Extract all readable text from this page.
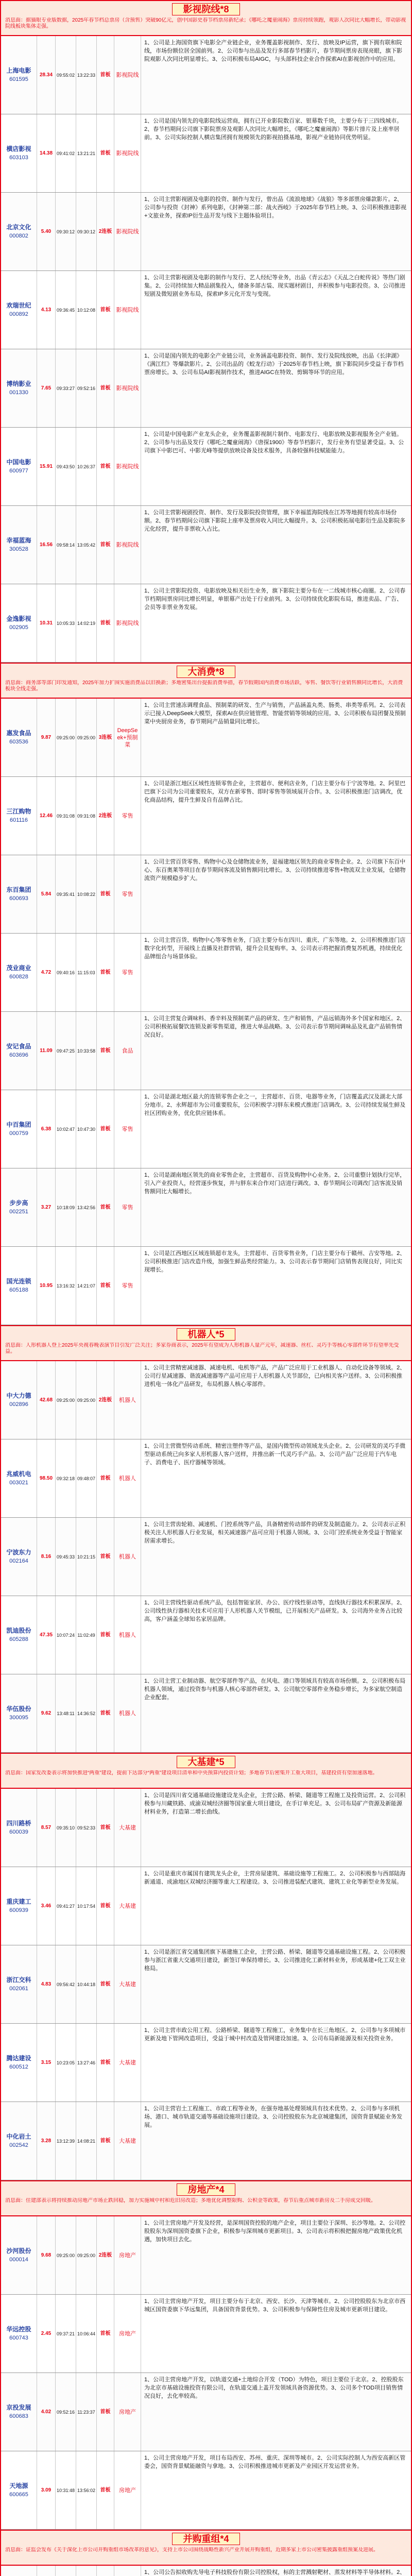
影视院线*8
消息面：据猫眼专业版数据，2025年春节档总票房（含预售）突破90亿元，创中国影史春节档票房新纪录；《哪吒之魔童闹海》票房持续领跑，观影人次同比大幅增长，带动影视院线板块集体走强。
上海电影
601595
28.34 09:55:02 13:22:33 首板 影视院线
1、公司是上海国资旗下电影全产业链企业，业务覆盖影视制作、发行、放映及IP运营，旗下拥有联和院线，市场份额位居全国前列。2、公司参与出品及发行多部春节档影片，春节期间票房表现亮眼，旗下影院观影人次同比明显增长。3、公司积极布局AIGC，与头部科技企业合作探索AI在影视创作中的应用。
横店影视
603103
14.38 09:41:02 13:21:21 首板 影视院线
1、公司是国内领先的电影院线运营商，拥有已开业影院数百家、银幕数千块，主要分布于三四线城市。2、春节档期间公司旗下影院票房及观影人次同比大幅增长，《哪吒之魔童闹海》等影片排片及上座率居前。3、公司实际控制人横店集团拥有规模领先的影视拍摄基地，影视产业链协同优势明显。
北京文化
000802
5.40 09:30:12 09:30:12 2连板 影视院线
1、公司主营影视剧及电影的投资、制作与发行，曾出品《流浪地球》《战狼》等多部票房爆款影片。2、公司参与投资《封神》系列电影，《封神第二部：战火西岐》于2025年春节档上映。3、公司积极推进影视+文旅业务，探索IP衍生品开发与线下主题体验项目。
欢瑞世纪
000892
4.13 09:36:45 10:12:08 首板 影视院线
1、公司主营影视剧及电影的制作与发行、艺人经纪等业务，出品《青云志》《天乩之白蛇传说》等热门剧集。2、公司持续加大精品剧集投入，储备多部古装、现实题材剧目，并积极参与电影投资。3、公司推进短剧及微短剧业务布局，探索IP多元化开发与变现。
博纳影业
001330
7.65 09:33:27 09:52:16 首板 影视院线
1、公司是国内领先的电影全产业链公司，业务涵盖电影投资、制作、发行及院线放映，出品《长津湖》《满江红》等爆款影片。2、公司出品的《蛟龙行动》于2025年春节档上映，旗下影院同步受益于春节档票房增长。3、公司布局AI影视制作技术，推进AIGC在特效、剪辑等环节的应用。
中国电影
600977
15.91 09:43:50 10:26:37 首板 影视院线
1、公司是中国电影产业龙头企业，业务覆盖影视制片制作、电影发行、电影放映及影视服务全产业链。2、公司参与出品及发行《哪吒之魔童闹海》《唐探1900》等春节档影片，发行业务有望显著受益。3、公司旗下中影巴可、中影光峰等提供放映设备及技术服务，具备较强科技赋能能力。
幸福蓝海
300528
16.56 09:58:14 13:05:42 首板 影视院线
1、公司主营影视剧投资、制作、发行及影院投资管理，旗下幸福蓝海院线在江苏等地拥有较高市场份额。2、春节档期间公司旗下影院上座率及票房收入同比大幅提升。3、公司积极拓展电影衍生品及影院多元化经营，提升非票收入占比。
金逸影视
002905
10.31 10:05:33 14:02:19 首板 影视院线
1、公司主营影院投资、电影放映及相关衍生业务，旗下影院主要分布在一二线城市核心商圈。2、公司春节档期间票房同比增长明显，单银幕产出处于行业前列。3、公司持续优化影院布局，推进卖品、广告、会员等非票业务发展。
大消费*8
消息面：商务部等部门印发通知，2025年加力扩围实施消费品以旧换新；多地密集出台提振消费举措，春节假期国内消费市场活跃，零售、餐饮等行业销售额同比增长，大消费板块全线走强。
惠发食品
603536
9.87 09:25:00 09:25:00 3连板
DeepSeek+预制菜
1、公司主营速冻调理食品、预制菜的研发、生产与销售，产品涵盖丸类、肠类、串类等系列。2、公司表示已接入DeepSeek大模型，探索AI在供应链管理、智能营销等领域的应用。3、公司积极布局团餐及预制菜中央厨房业务，春节期间产品销量同比增长。
三江购物
601116
12.46 09:31:08 09:31:08 2连板 零售
1、公司是浙江地区区域性连锁零售企业，主营超市、便利店业务，门店主要分布于宁波等地。2、阿里巴巴旗下公司为公司重要股东，双方在新零售、即时零售等领域展开合作。3、公司积极推进门店调改，优化商品结构，提升生鲜及自有品牌占比。
东百集团
600693
5.84 09:35:41 10:08:22 首板 零售
1、公司主营百货零售、购物中心及仓储物流业务，是福建地区领先的商业零售企业。2、公司旗下东百中心、东百奥莱等项目在春节期间客流及销售额同比增长。3、公司持续推进零售+物流双主业发展，仓储物流资产规模稳步扩大。
茂业商业
600828
4.72 09:40:16 11:15:03 首板 零售
1、公司主营百货、购物中心等零售业务，门店主要分布在四川、重庆、广东等地。2、公司积极推进门店数字化转型，开展线上直播及社群营销，提升会员复购率。3、公司表示将把握消费复苏机遇，持续优化品牌组合与场景体验。
安记食品
603696
11.09 09:47:25 10:33:58 首板 食品
1、公司主营复合调味料、香辛料及预制菜产品的研发、生产和销售，产品远销海外多个国家和地区。2、公司积极拓展餐饮连锁及新零售渠道，推进大单品战略。3、公司表示春节期间调味品及礼盒产品销售情况良好。
中百集团
000759
6.38 10:02:47 10:47:30 首板 零售
1、公司是湖北地区最大的连锁零售企业之一，主营超市、百货、电器等业务，门店覆盖武汉及湖北大部分地市。2、永辉超市为公司重要股东，公司积极学习胖东来模式推进门店调改。3、公司持续发展生鲜及社区团购业务，优化供应链体系。
步步高
002251
3.27 10:18:09 13:42:56 首板 零售
1、公司是湖南地区领先的商业零售企业，主营超市、百货及购物中心业务。2、公司重整计划执行完毕，引入产业投资人，经营逐步恢复，并与胖东来合作对门店进行调改。3、春节期间公司调改门店客流及销售额同比大幅增长。
国光连锁
605188
10.95 13:16:32 14:21:07 首板 零售
1、公司是江西地区区域连锁超市龙头，主营超市、百货零售业务，门店主要分布于赣州、吉安等地。2、公司积极推进门店改造升级，加强生鲜品类经营能力。3、公司表示春节期间门店销售表现良好，同比实现增长。
机器人*5
消息面：人形机器人登上2025年央视春晚表演节目引发广泛关注；多家券商表示，2025年有望成为人形机器人量产元年，减速器、丝杠、灵巧手等核心零部件环节有望率先受益。
中大力德
002896
42.68 09:25:00 09:25:00 2连板 机器人
1、公司主营精密减速器、减速电机、电机等产品，产品广泛应用于工业机器人、自动化设备等领域。2、公司行星减速器、谐波减速器等产品可应用于人形机器人关节部位，已向相关客户送样。3、公司积极推进机电一体化产品研发，布局机器人核心零部件。
兆威机电
003021
98.50 09:32:18 09:48:07 首板 机器人
1、公司主营微型传动系统、精密注塑件等产品，是国内微型传动领域龙头企业。2、公司研发的灵巧手微型驱动系统已向多家人形机器人客户送样，并推出新一代灵巧手产品。3、公司产品广泛应用于汽车电子、消费电子、医疗器械等领域。
宁波东力
002164
8.16 09:45:33 10:21:15 首板 机器人
1、公司主营齿轮箱、减速机、门控系统等产品，具备精密传动部件的研发及制造能力。2、公司表示正积极关注人形机器人行业发展，相关减速器产品可应用于机器人领域。3、公司门控系统业务受益于智能家居需求增长。
凯迪股份
605288
47.35 10:07:24 11:02:49 首板 机器人
1、公司主营线性驱动系统产品，包括智能家居、办公、医疗线性驱动等，直线执行器技术积累深厚。2、公司线性执行器相关技术可应用于人形机器人关节模组，已开展相关产品研发。3、公司海外业务占比较高，客户涵盖全球知名家居品牌。
华伍股份
300095
9.62 13:48:11 14:36:52 首板 机器人
1、公司主营工业制动器、航空零部件等产品，在风电、港口等领域具有较高市场份额。2、公司积极布局机器人领域，通过投资参与机器人核心零部件研发。3、公司航空零部件业务稳步增长，为多家航空制造企业配套。
大基建*5
消息面：国家发改委表示将加快推进“两重”建设，提前下达部分“两重”建设项目清单和中央预算内投资计划；多地春节后密集开工重大项目，基建投资有望加速落地。
四川路桥
600039
8.57 09:35:10 09:52:33 首板 大基建
1、公司是四川省交通基础设施建设龙头企业，主营公路、桥梁、隧道等工程施工及投资运营。2、公司积极参与川藏铁路、成渝双城经济圈等国家重大项目建设，在手订单充足。3、公司布局矿产资源及新能源材料业务，打造第二增长曲线。
重庆建工
600939
3.46 09:41:27 10:17:54 首板 大基建
1、公司是重庆市属国有建筑龙头企业，主营房屋建筑、基础设施等工程施工。2、公司积极参与西部陆海新通道、成渝地区双城经济圈等重大工程建设。3、公司推进装配式建筑、建筑工业化等新型业务发展。
浙江交科
002061
4.83 09:56:42 10:44:18 首板 大基建
1、公司是浙江省交通集团旗下基建施工企业，主营公路、桥梁、隧道等交通基础设施工程。2、公司积极参与浙江省重大交通项目建设，新签订单保持增长。3、公司推进化工新材料业务，形成基建+化工双主业格局。
腾达建设
600512
3.15 10:23:05 13:27:46 首板 大基建
1、公司主营市政公用工程、公路桥梁、隧道等工程施工，业务集中在长三角地区。2、公司参与多项城市更新及地下管网改造项目，受益于城中村改造及管网建设加速。3、公司布局新能源及相关投资业务。
中化岩土
002542
3.28 13:12:39 14:08:21 首板 大基建
1、公司主营岩土工程施工、市政工程等业务，在强夯地基处理领域具有技术优势。2、公司参与多项机场、港口、城市轨道交通等基础设施项目建设。3、公司控股股东为北京城建集团，国资背景赋能业务发展。
房地产*4
消息面：住建部表示将持续推动房地产市场止跌回稳，加力实施城中村和危旧房改造；多地优化调整限购、公积金等政策，春节后重点城市新房及二手房成交回暖。
沙河股份
000014
9.68 09:25:00 09:25:00 2连板 房地产
1、公司主营房地产开发及经营，是深圳国资控股的地产企业，项目主要位于深圳、长沙等地。2、公司控股股东为深圳国资委旗下企业，积极参与深圳城市更新项目。3、公司表示将积极把握房地产政策优化机遇，加快项目去化。
华远控股
600743
2.45 09:37:21 10:06:44 首板 房地产
1、公司主营房地产开发，项目主要分布于北京、西安、长沙、天津等城市。2、公司控股股东为北京市西城区国资委旗下华远集团，具备国资背景优势。3、公司积极参与保障性住房及城市更新项目建设。
京投发展
600683
4.02 09:52:16 11:23:37 首板 房地产
1、公司主营房地产开发，以轨道交通+土地综合开发（TOD）为特色，项目主要位于北京。2、控股股东为北京市基础设施投资有限公司，在轨道交通上盖开发领域具备资源优势。3、公司多个TOD项目销售情况良好，去化率较高。
天地源
600665
3.09 10:31:48 13:56:02 首板 房地产
1、公司主营房地产开发，项目布局西安、苏州、重庆、深圳等城市。2、公司实际控制人为西安高新区管委会，国资背景赋能融资与拿地。3、公司积极推进城市更新及产业园区开发运营业务。
并购重组*4
消息面：证监会发布《关于深化上市公司并购重组市场改革的意见》，支持上市公司围绕战略性新兴产业开展并购重组，近期多家上市公司密集披露重组预案及进展。
1、公司公告拟收购先导电子科技股份有限公司控股权，标的主营溅射靶材、蒸发材料等半导体材料。2、
